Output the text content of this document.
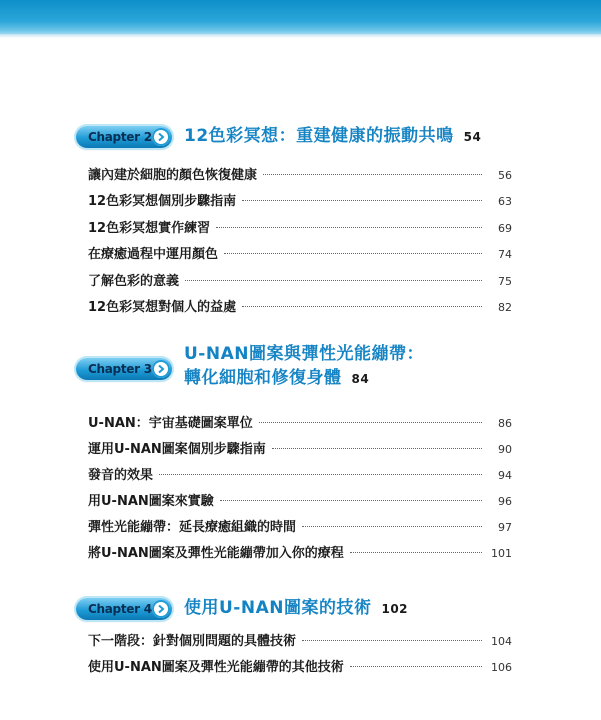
Chapter 2 12色彩冥想：重建健康的振動共鳴 54
讓內建於細胞的顏色恢復健康	56
12色彩冥想個別步驟指南	63
12色彩冥想實作練習	69
在療癒過程中運用顏色	74
了解色彩的意義	75
12色彩冥想對個人的益處	82
Chapter 3
U-NAN圖案與彈性光能繃帶：
轉化細胞和修復身體 84
U-NAN：宇宙基礎圖案單位	86
運用U-NAN圖案個別步驟指南	90
發音的效果	94
用U-NAN圖案來實驗	96
彈性光能繃帶：延長療癒組織的時間	97
將U-NAN圖案及彈性光能繃帶加入你的療程	101
Chapter 4 使用U-NAN圖案的技術 102
下一階段：針對個別問題的具體技術	104
使用U-NAN圖案及彈性光能繃帶的其他技術	106
